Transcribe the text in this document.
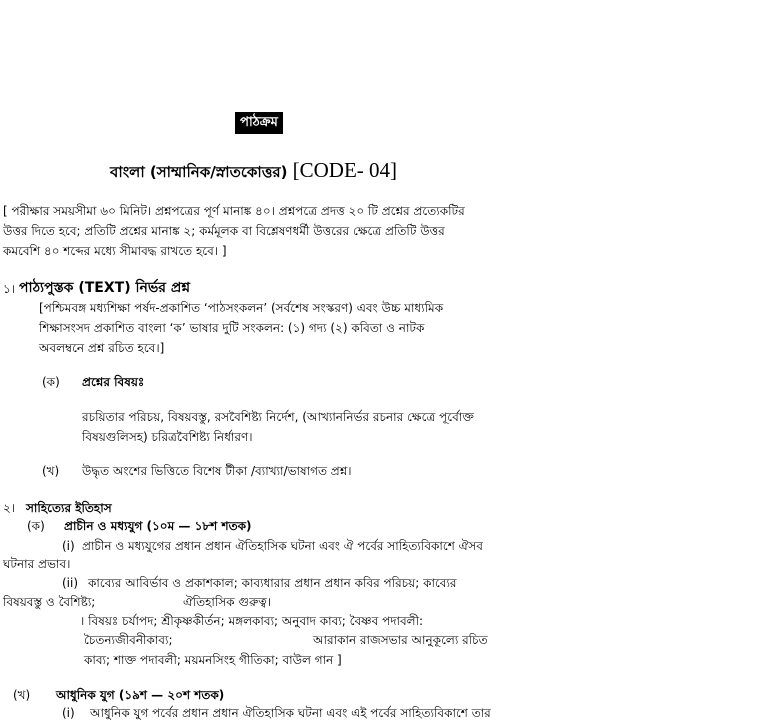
পাঠক্রম
বাংলা (সাম্মানিক/স্নাতকোত্তর) [CODE- 04]
[ পরীক্ষার সময়সীমা ৬০ মিনিট। প্রশ্নপত্রের পূর্ণ মানাঙ্ক ৪০। প্রশ্নপত্রে প্রদত্ত ২০ টি প্রশ্নের প্রত্যেকটির
উত্তর দিতে হবে; প্রতিটি প্রশ্নের মানাঙ্ক ২; কর্মমূলক বা বিশ্লেষণধর্মী উত্তরের ক্ষেত্রে প্রতিটি উত্তর
কমবেশি ৪০ শব্দের মধ্যে সীমাবদ্ধ রাখতে হবে। ]
১। পাঠ্যপুস্তক (TEXT) নির্ভর প্রশ্ন
[পশ্চিমবঙ্গ মধ্যশিক্ষা পর্ষদ-প্রকাশিত ‘পাঠসংকলন’ (সর্বশেষ সংস্করণ) এবং উচ্চ মাধ্যমিক
শিক্ষাসংসদ প্রকাশিত বাংলা ‘ক’ ভাষার দুটি সংকলন: (১) গদ্য (২) কবিতা ও নাটক
অবলম্বনে প্রশ্ন রচিত হবে।]
(ক) প্রশ্নের বিষয়ঃ
রচয়িতার পরিচয়, বিষয়বস্তু, রসবৈশিষ্ট্য নির্দেশ, (আখ্যাননির্ভর রচনার ক্ষেত্রে পূর্বোক্ত
বিষয়গুলিসহ) চরিত্রবৈশিষ্ট্য নির্ধারণ।
(খ) উদ্ধৃত অংশের ভিত্তিতে বিশেষ টীকা /ব্যাখ্যা/ভাষাগত প্রশ্ন।
২। সাহিত্যের ইতিহাস
(ক) প্রাচীন ও মধ্যযুগ (১০ম — ১৮শ শতক)
(i) প্রাচীন ও মধ্যযুগের প্রধান প্রধান ঐতিহাসিক ঘটনা এবং ঐ পর্বের সাহিত্যবিকাশে ঐসব
ঘটনার প্রভাব।
(ii) কাব্যের আবির্ভাব ও প্রকাশকাল; কাব্যধারার প্রধান প্রধান কবির পরিচয়; কাব্যের
বিষয়বস্তু ও বৈশিষ্ট্য;	ঐতিহাসিক গুরুত্ব।
। বিষয়ঃ চর্যাপদ; শ্রীকৃষ্ণকীর্তন; মঙ্গলকাব্য; অনুবাদ কাব্য; বৈষ্ণব পদাবলী:
চৈতন্যজীবনীকাব্য;	আরাকান রাজসভার আনুকূল্যে রচিত
কাব্য; শাক্ত পদাবলী; ময়মনসিংহ গীতিকা; বাউল গান ]
(খ) আধুনিক যুগ (১৯শ — ২০শ শতক)
(i) আধুনিক যুগ পর্বের প্রধান প্রধান ঐতিহাসিক ঘটনা এবং এই পর্বের সাহিত্যবিকাশে তার
